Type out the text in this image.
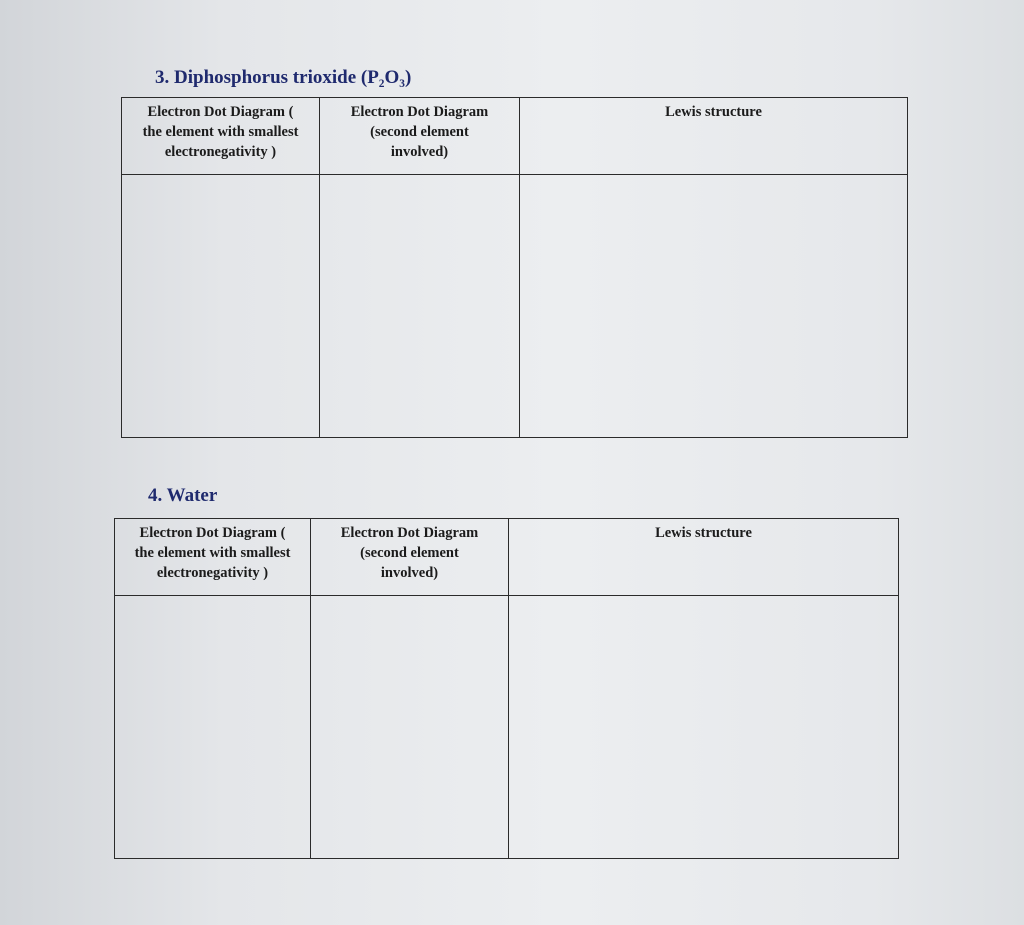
3. Diphosphorus trioxide (P₂O₃)
Electron Dot Diagram (
the element with smallest
electronegativity )	Electron Dot Diagram
(second element
involved)	Lewis structure

4. Water
Electron Dot Diagram (
the element with smallest
electronegativity )	Electron Dot Diagram
(second element
involved)	Lewis structure
